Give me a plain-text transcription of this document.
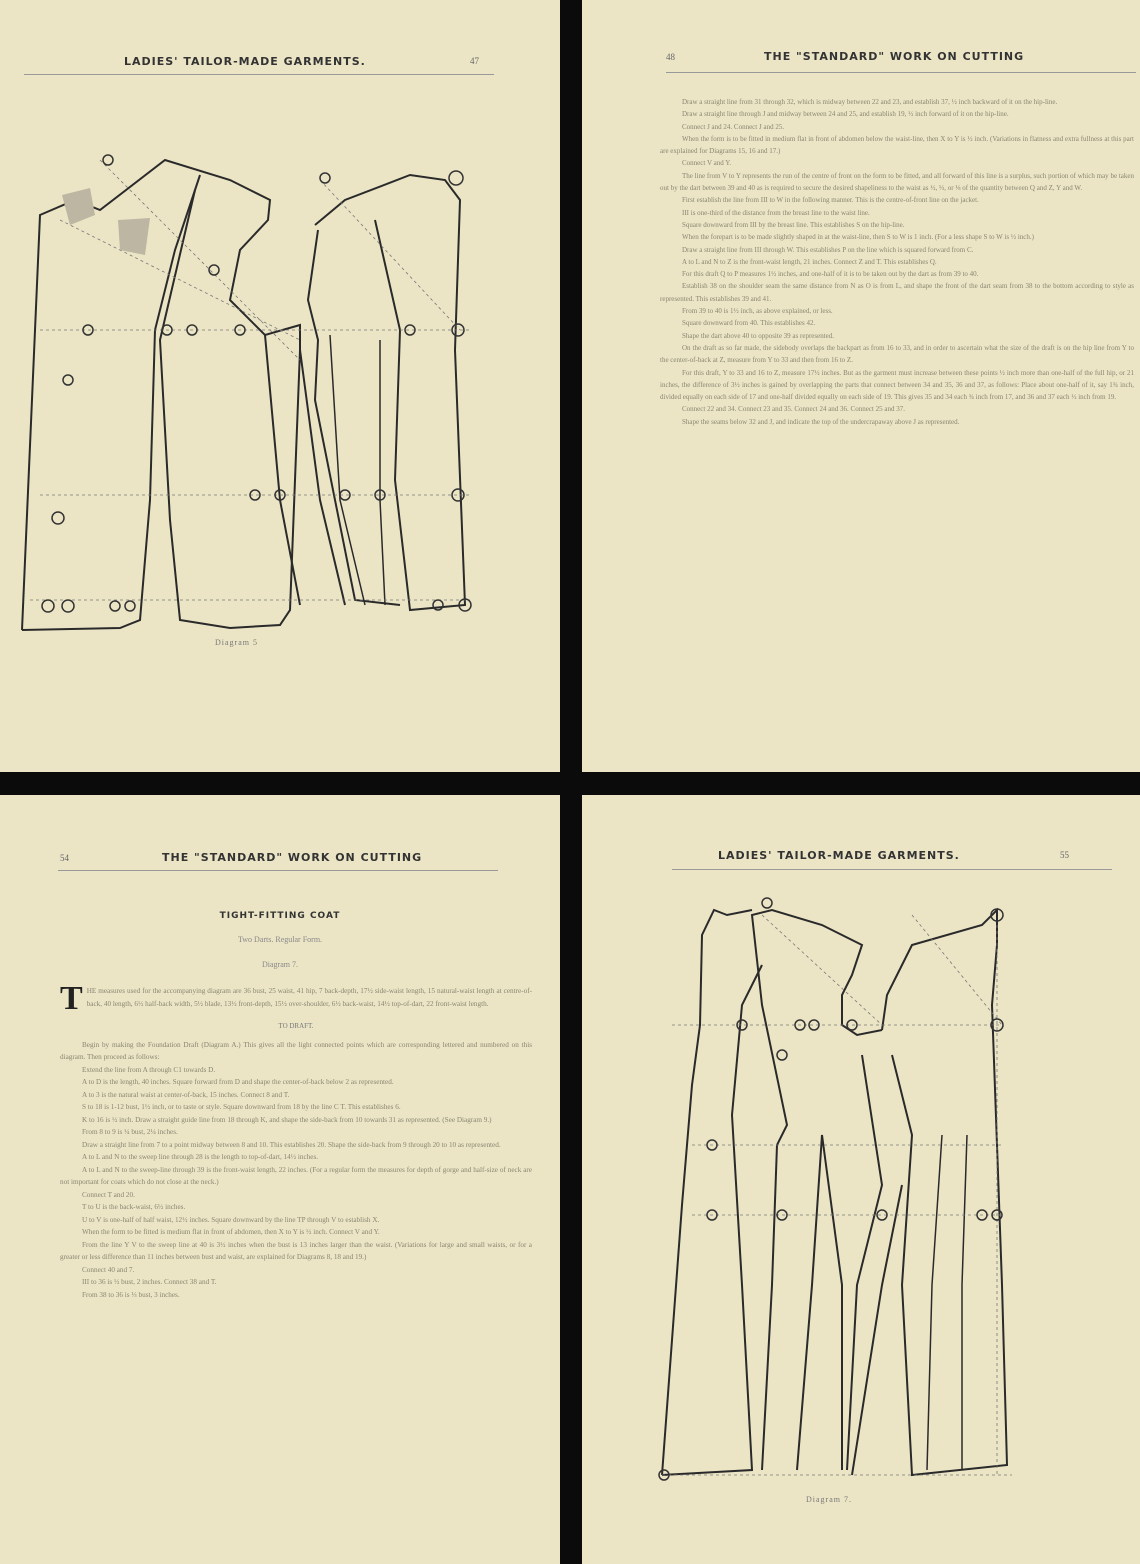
LADIES' TAILOR-MADE GARMENTS.	47
Diagram 5
48	THE "STANDARD" WORK ON CUTTING

Draw a straight line from 31 through 32, which is midway between 22 and 23, and establish 37, ½ inch backward of it on the hip-line.

Draw a straight line through J and midway between 24 and 25, and establish 19, ½ inch forward of it on the hip-line.

Connect J and 24. Connect J and 25.

When the form is to be fitted in medium flat in front of abdomen below the waist-line, then X to Y is ½ inch. (Variations in flatness and extra fullness at this part are explained for Diagrams 15, 16 and 17.)

Connect V and Y.

The line from V to Y represents the run of the centre of front on the form to be fitted, and all forward of this line is a surplus, such portion of which may be taken out by the dart between 39 and 40 as is required to secure the desired shapeliness to the waist as ½, ⅓, or ⅛ of the quantity between Q and Z, Y and W.

First establish the line from III to W in the following manner. This is the centre-of-front line on the jacket.

III is one-third of the distance from the breast line to the waist line.

Square downward from III by the breast line. This establishes S on the hip-line.

When the forepart is to be made slightly shaped in at the waist-line, then S to W is 1 inch. (For a less shape S to W is ½ inch.)

Draw a straight line from III through W. This establishes P on the line which is squared forward from C.

A to L and N to Z is the front-waist length, 21 inches. Connect Z and T. This establishes Q.

For this draft Q to P measures 1½ inches, and one-half of it is to be taken out by the dart as from 39 to 40.

Establish 38 on the shoulder seam the same distance from N as O is from L, and shape the front of the dart seam from 38 to the bottom according to style as represented. This establishes 39 and 41.

From 39 to 40 is 1½ inch, as above explained, or less.

Square downward from 40. This establishes 42.

Shape the dart above 40 to opposite 39 as represented.

On the draft as so far made, the sidebody overlaps the backpart as from 16 to 33, and in order to ascertain what the size of the draft is on the hip line from Y to the center-of-back at Z, measure from Y to 33 and then from 16 to Z.

For this draft, Y to 33 and 16 to Z, measure 17½ inches. But as the garment must increase between these points ½ inch more than one-half of the full hip, or 21 inches, the difference of 3½ inches is gained by overlapping the parts that connect between 34 and 35, 36 and 37, as follows: Place about one-half of it, say 1¾ inch, divided equally on each side of 17 and one-half divided equally on each side of 19. This gives 35 and 34 each ¾ inch from 17, and 36 and 37 each ½ inch from 19.

Connect 22 and 34. Connect 23 and 35. Connect 24 and 36. Connect 25 and 37.

Shape the seams below 32 and J, and indicate the top of the undercrapaway above J as represented.

54	THE "STANDARD" WORK ON CUTTING
TIGHT-FITTING COAT
Two Darts. Regular Form.
Diagram 7.
THE measures used for the accompanying diagram are 36 bust, 25 waist, 41 hip, 7 back-depth, 17½ side-waist length, 15 natural-waist length at centre-of-back, 40 length, 6½ half-back width, 5½ blade, 13½ front-depth, 15½ over-shoulder, 6½ back-waist, 14½ top-of-dart, 22 front-waist length.
TO DRAFT.

Begin by making the Foundation Draft (Diagram A.) This gives all the light connected points which are corresponding lettered and numbered on this diagram. Then proceed as follows:

Extend the line from A through C1 towards D.

A to D is the length, 40 inches. Square forward from D and shape the center-of-back below 2 as represented.

A to 3 is the natural waist at center-of-back, 15 inches. Connect 8 and T.

S to 18 is 1-12 bust, 1½ inch, or to taste or style. Square downward from 18 by the line C T. This establishes 6.

K to 16 is ½ inch. Draw a straight guide line from 18 through K, and shape the side-back from 10 towards 31 as represented. (See Diagram 9.)

From 8 to 9 is ¼ bust, 2¼ inches.

Draw a straight line from 7 to a point midway between 8 and 10. This establishes 20. Shape the side-back from 9 through 20 to 10 as represented.

A to L and N to the sweep line through 28 is the length to top-of-dart, 14½ inches.

A to L and N to the sweep-line through 39 is the front-waist length, 22 inches. (For a regular form the measures for depth of gorge and half-size of neck are not important for coats which do not close at the neck.)

Connect T and 20.

T to U is the back-waist, 6½ inches.

U to V is one-half of half waist, 12½ inches. Square downward by the line TP through V to establish X.

When the form to be fitted is medium flat in front of abdomen, then X to Y is ½ inch. Connect V and Y.

From the line Y V to the sweep line at 40 is 3½ inches when the bust is 13 inches larger than the waist. (Variations for large and small waists, or for a greater or less difference than 11 inches between bust and waist, are explained for Diagrams 8, 18 and 19.)

Connect 40 and 7.

III to 36 is ½ bust, 2 inches. Connect 38 and T.

From 38 to 36 is ⅓ bust, 3 inches.

LADIES' TAILOR-MADE GARMENTS.	55
Diagram 7.
